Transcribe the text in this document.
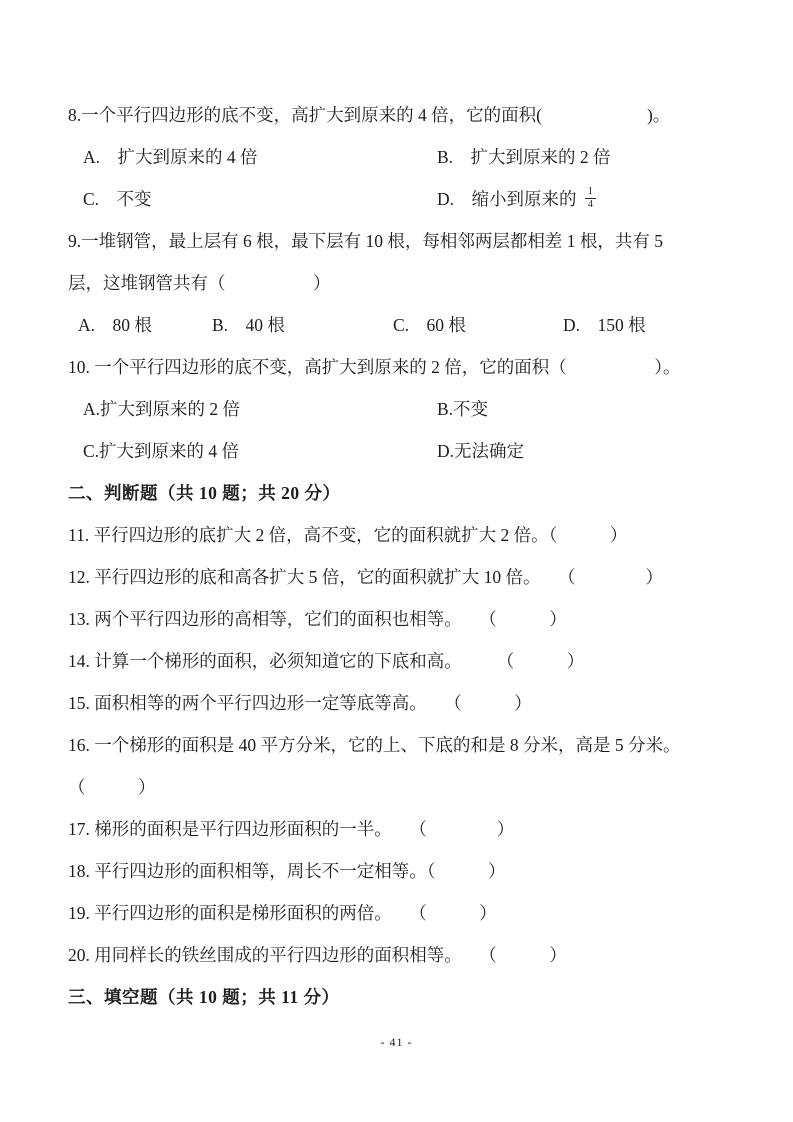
8.一个平行四边形的底不变，高扩大到原来的 4 倍，它的面积(　　　　　　)。

A.　扩大到原来的 4 倍

	B.　扩大到原来的 2 倍

C.　不变

	D.　缩小到原来的 $\frac{1}{4}$

9.一堆钢管，最上层有 6 根，最下层有 10 根，每相邻两层都相差 1 根，共有 5
层，这堆钢管共有（　　　　　）

A.　80 根

	B.　40 根

	C.　60 根

	D.　150 根

10. 一个平行四边形的底不变，高扩大到原来的 2 倍，它的面积（　　　　　）。

A.扩大到原来的 2 倍

	B.不变

C.扩大到原来的 4 倍

	D.无法确定

二、判断题（共 10 题；共 20 分）
11. 平行四边形的底扩大 2 倍，高不变，它的面积就扩大 2 倍。（　　　）
12. 平行四边形的底和高各扩大 5 倍，它的面积就扩大 10 倍。　　（　　　　）
13. 两个平行四边形的高相等，它们的面积也相等。　　（　　　）
14. 计算一个梯形的面积，必须知道它的下底和高。　　　（　　　）
15. 面积相等的两个平行四边形一定等底等高。　　（　　　）
16. 一个梯形的面积是 40 平方分米，它的上、下底的和是 8 分米，高是 5 分米。
（　　　）
17. 梯形的面积是平行四边形面积的一半。　　（　　　　）
18. 平行四边形的面积相等，周长不一定相等。（　　　）
19. 平行四边形的面积是梯形面积的两倍。　　（　　　）
20. 用同样长的铁丝围成的平行四边形的面积相等。　　（　　　）
三、填空题（共 10 题；共 11 分）
- 41 -
